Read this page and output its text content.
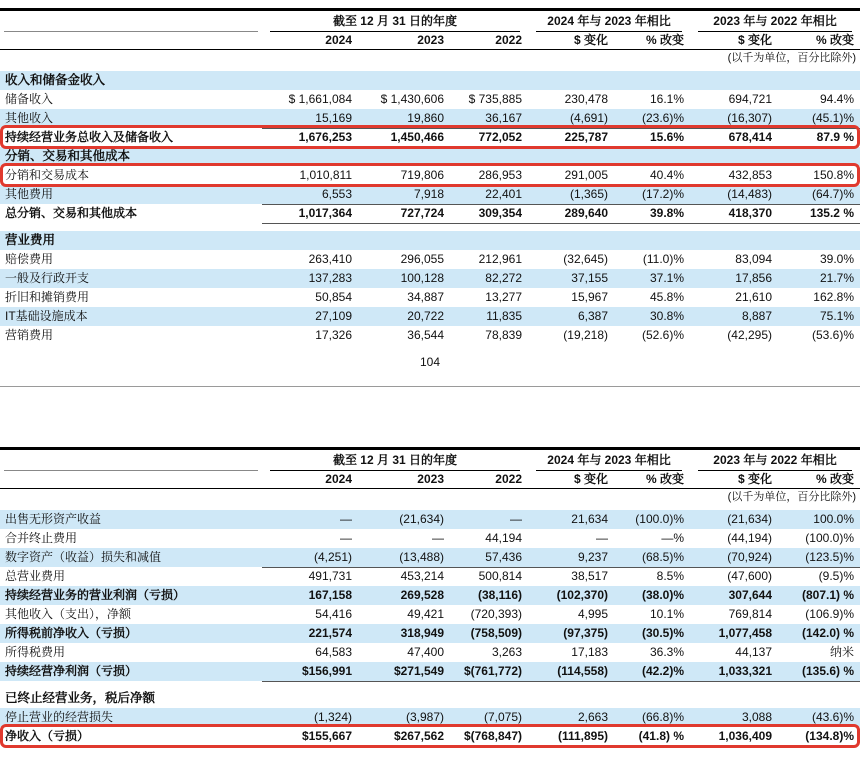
截至 12 月 31 日的年度	2024 年与 2023 年相比	2023 年与 2022 年相比
2024	2023	2022	$ 变化	% 改变	$ 变化	% 改变
(以千为单位，百分比除外)
收入和储备金收入
储备收入	$ 1,661,084	$ 1,430,606	$ 735,885	230,478	16.1%	694,721	94.4%
其他收入	15,169	19,860	36,167	(4,691)	(23.6)%	(16,307)	(45.1)%
持续经营业务总收入及储备收入	1,676,253	1,450,466	772,052	225,787	15.6%	678,414	87.9 %
分销、交易和其他成本
分销和交易成本	1,010,811	719,806	286,953	291,005	40.4%	432,853	150.8%
其他费用	6,553	7,918	22,401	(1,365)	(17.2)%	(14,483)	(64.7)%
总分销、交易和其他成本	1,017,364	727,724	309,354	289,640	39.8%	418,370	135.2 %
营业费用
赔偿费用	263,410	296,055	212,961	(32,645)	(11.0)%	83,094	39.0%
一般及行政开支	137,283	100,128	82,272	37,155	37.1%	17,856	21.7%
折旧和摊销费用	50,854	34,887	13,277	15,967	45.8%	21,610	162.8%
IT基础设施成本	27,109	20,722	11,835	6,387	30.8%	8,887	75.1%
营销费用	17,326	36,544	78,839	(19,218)	(52.6)%	(42,295)	(53.6)%
104
截至 12 月 31 日的年度	2024 年与 2023 年相比	2023 年与 2022 年相比
2024	2023	2022	$ 变化	% 改变	$ 变化	% 改变
(以千为单位，百分比除外)
出售无形资产收益	—	(21,634)	—	21,634	(100.0)%	(21,634)	100.0%
合并终止费用	—	—	44,194	—	—%	(44,194)	(100.0)%
数字资产（收益）损失和减值	(4,251)	(13,488)	57,436	9,237	(68.5)%	(70,924)	(123.5)%
总营业费用	491,731	453,214	500,814	38,517	8.5%	(47,600)	(9.5)%
持续经营业务的营业利润（亏损）	167,158	269,528	(38,116)	(102,370)	(38.0)%	307,644	(807.1) %
其他收入（支出），净额	54,416	49,421	(720,393)	4,995	10.1%	769,814	(106.9)%
所得税前净收入（亏损）	221,574	318,949	(758,509)	(97,375)	(30.5)%	1,077,458	(142.0) %
所得税费用	64,583	47,400	3,263	17,183	36.3%	44,137	纳米
持续经营净利润（亏损）	$156,991	$271,549	$(761,772)	(114,558)	(42.2)%	1,033,321	(135.6) %
已终止经营业务，税后净额
停止营业的经营损失	(1,324)	(3,987)	(7,075)	2,663	(66.8)%	3,088	(43.6)%
净收入（亏损）	$155,667	$267,562	$(768,847)	(111,895)	(41.8) %	1,036,409	(134.8)%
